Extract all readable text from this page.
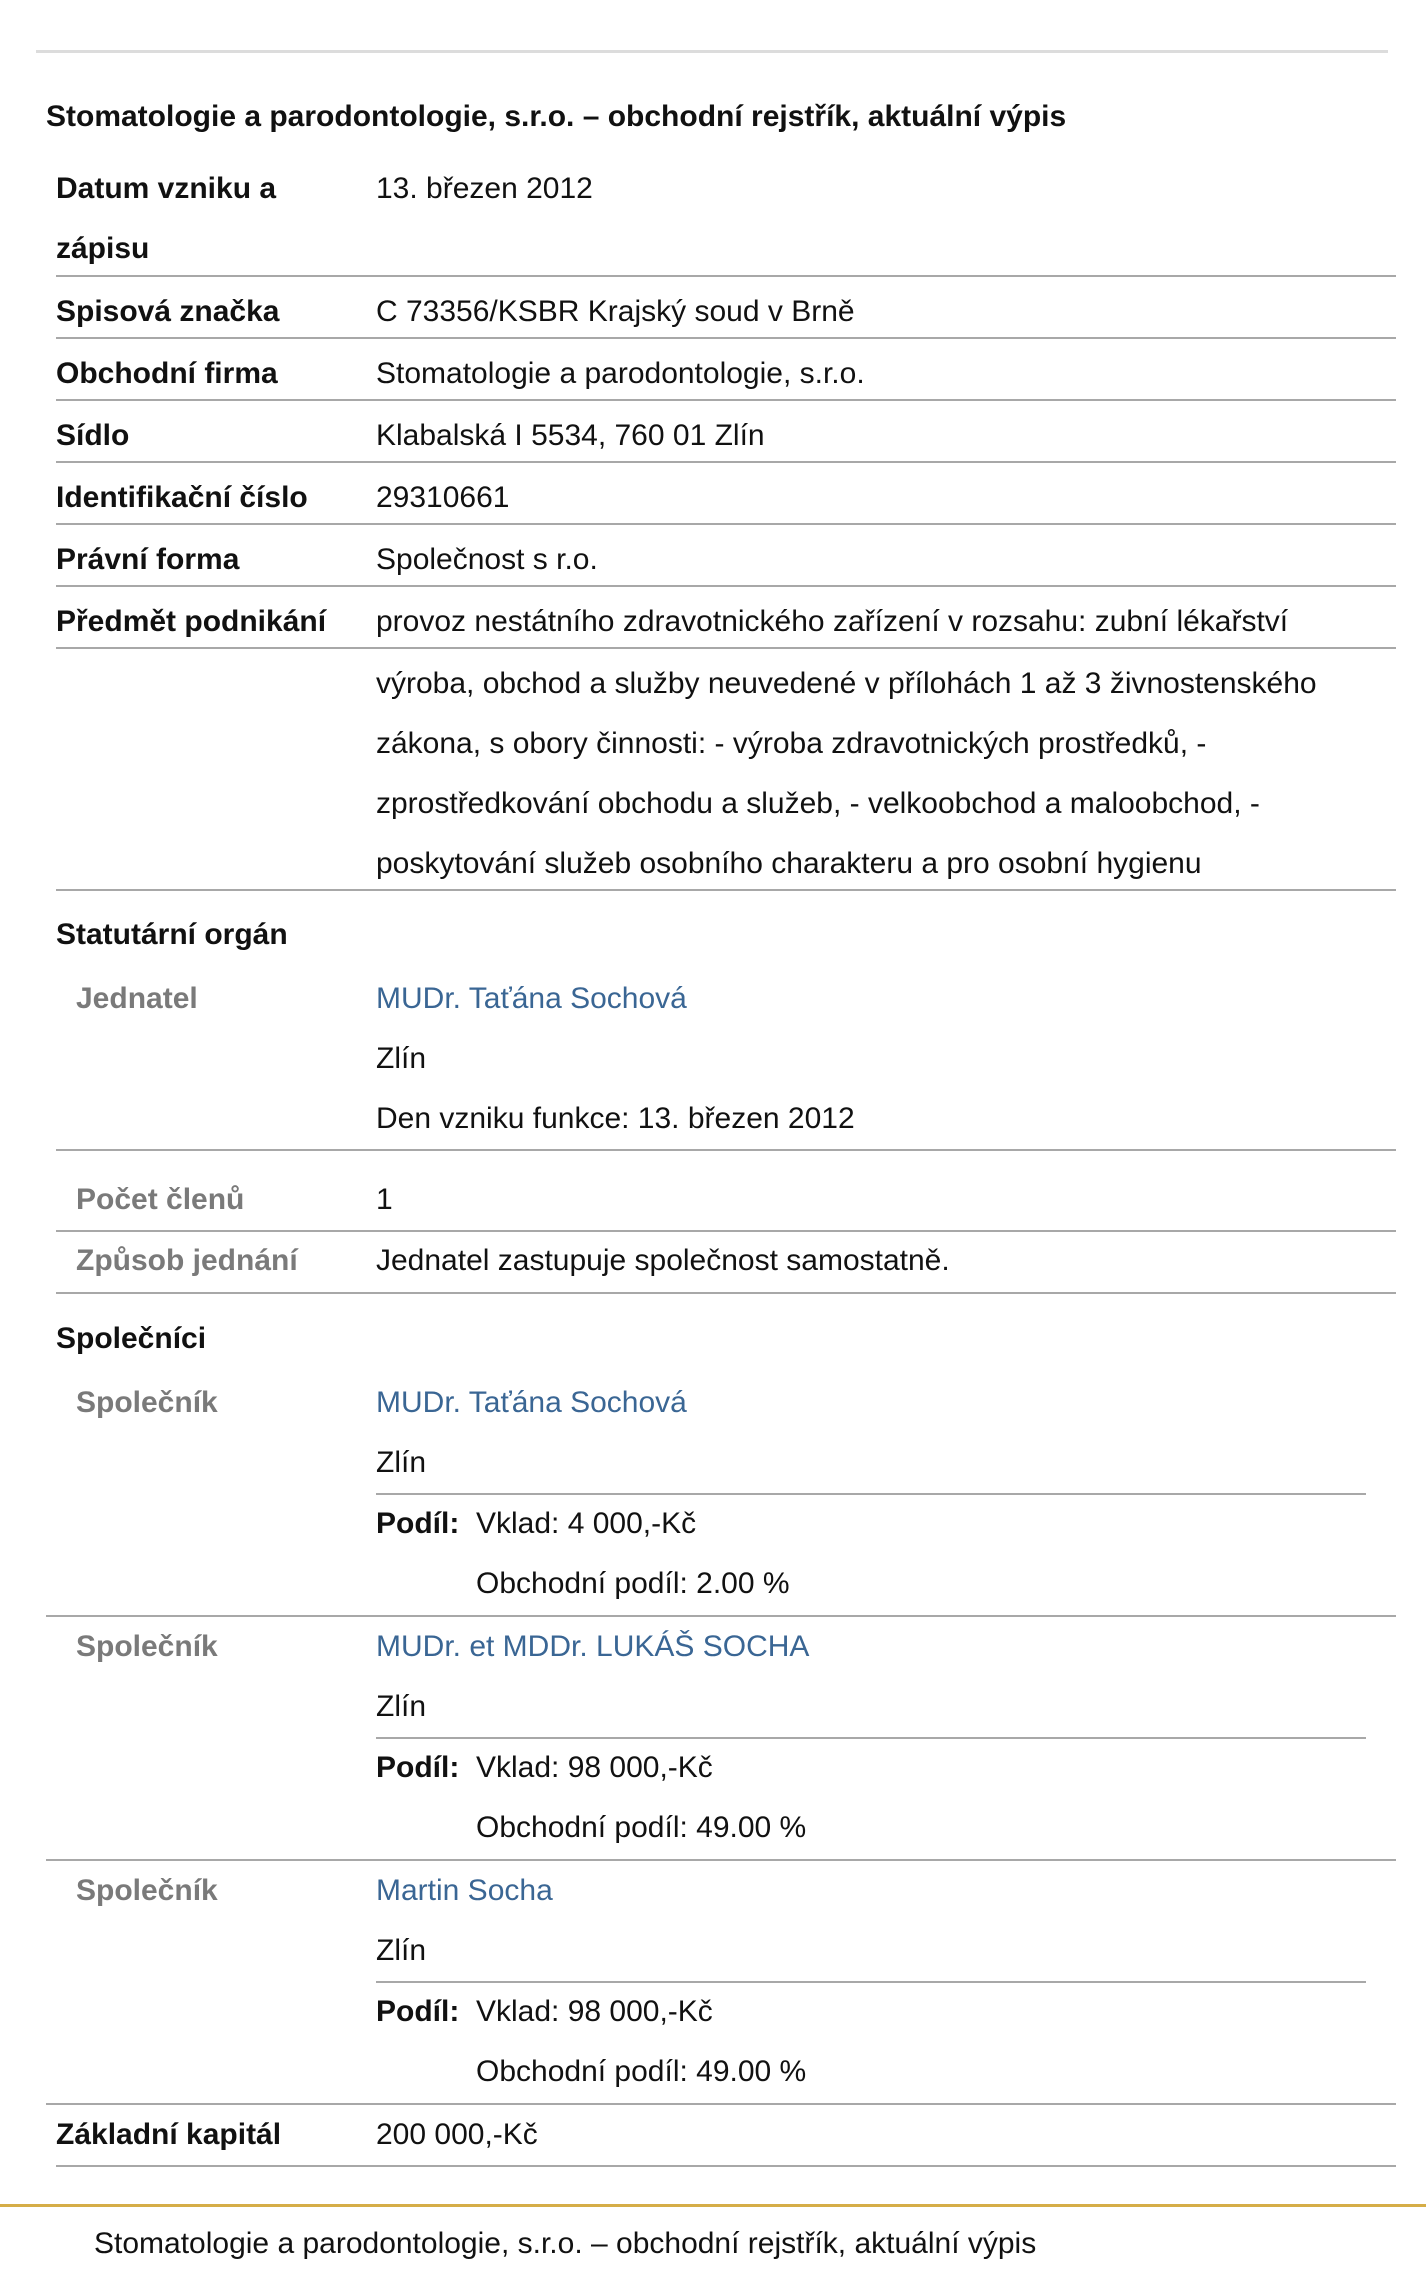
Stomatologie a parodontologie, s.r.o. – obchodní rejstřík, aktuální výpis
Datum vzniku a
zápisu
13. březen 2012
Spisová značka	C 73356/KSBR Krajský soud v Brně
Obchodní firma	Stomatologie a parodontologie, s.r.o.
Sídlo	Klabalská I 5534, 760 01 Zlín
Identifikační číslo 29310661
Právní forma	Společnost s r.o.
Předmět podnikání provoz nestátního zdravotnického zařízení v rozsahu: zubní lékařství
výroba, obchod a služby neuvedené v přílohách 1 až 3 živnostenského
zákona, s obory činnosti: - výroba zdravotnických prostředků, -
zprostředkování obchodu a služeb, - velkoobchod a maloobchod, -
poskytování služeb osobního charakteru a pro osobní hygienu
Statutární orgán
Jednatel	MUDr. Taťána Sochová
Zlín
Den vzniku funkce: 13. březen 2012
Počet členů	1
Způsob jednání	Jednatel zastupuje společnost samostatně.
Společníci
Společník	MUDr. Taťána Sochová
Zlín
Podíl: Vklad: 4 000,-Kč
Obchodní podíl: 2.00 %
Společník	MUDr. et MDDr. LUKÁŠ SOCHA
Zlín
Podíl: Vklad: 98 000,-Kč
Obchodní podíl: 49.00 %
Společník	Martin Socha
Zlín
Podíl: Vklad: 98 000,-Kč
Obchodní podíl: 49.00 %
Základní kapitál	200 000,-Kč
Stomatologie a parodontologie, s.r.o. – obchodní rejstřík, aktuální výpis
